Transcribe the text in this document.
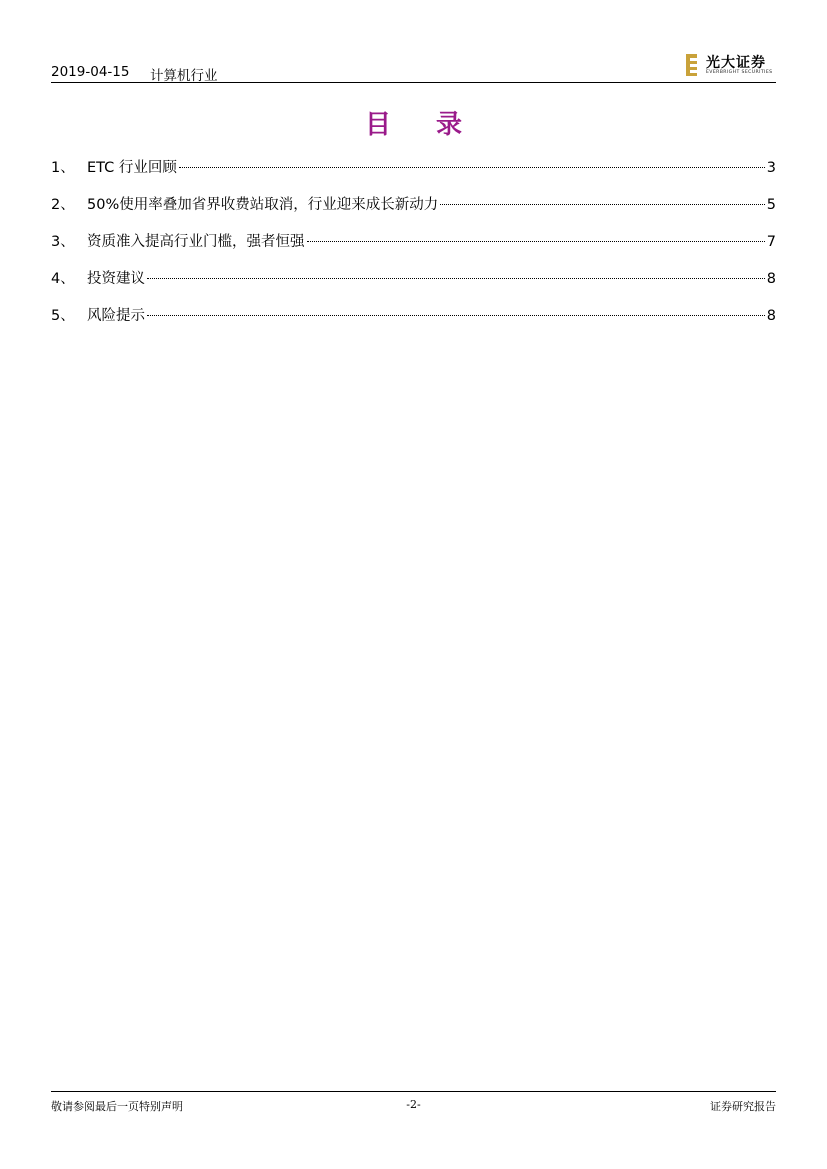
2019-04-15 计算机行业
光大证券
EVERBRIGHT SECURITIES
目 录
1、 ETC 行业回顾	3
2、 50%使用率叠加省界收费站取消，行业迎来成长新动力	5
3、 资质准入提高行业门槛，强者恒强	7
4、 投资建议	8
5、 风险提示	8
敬请参阅最后一页特别声明	-2-	证券研究报告
